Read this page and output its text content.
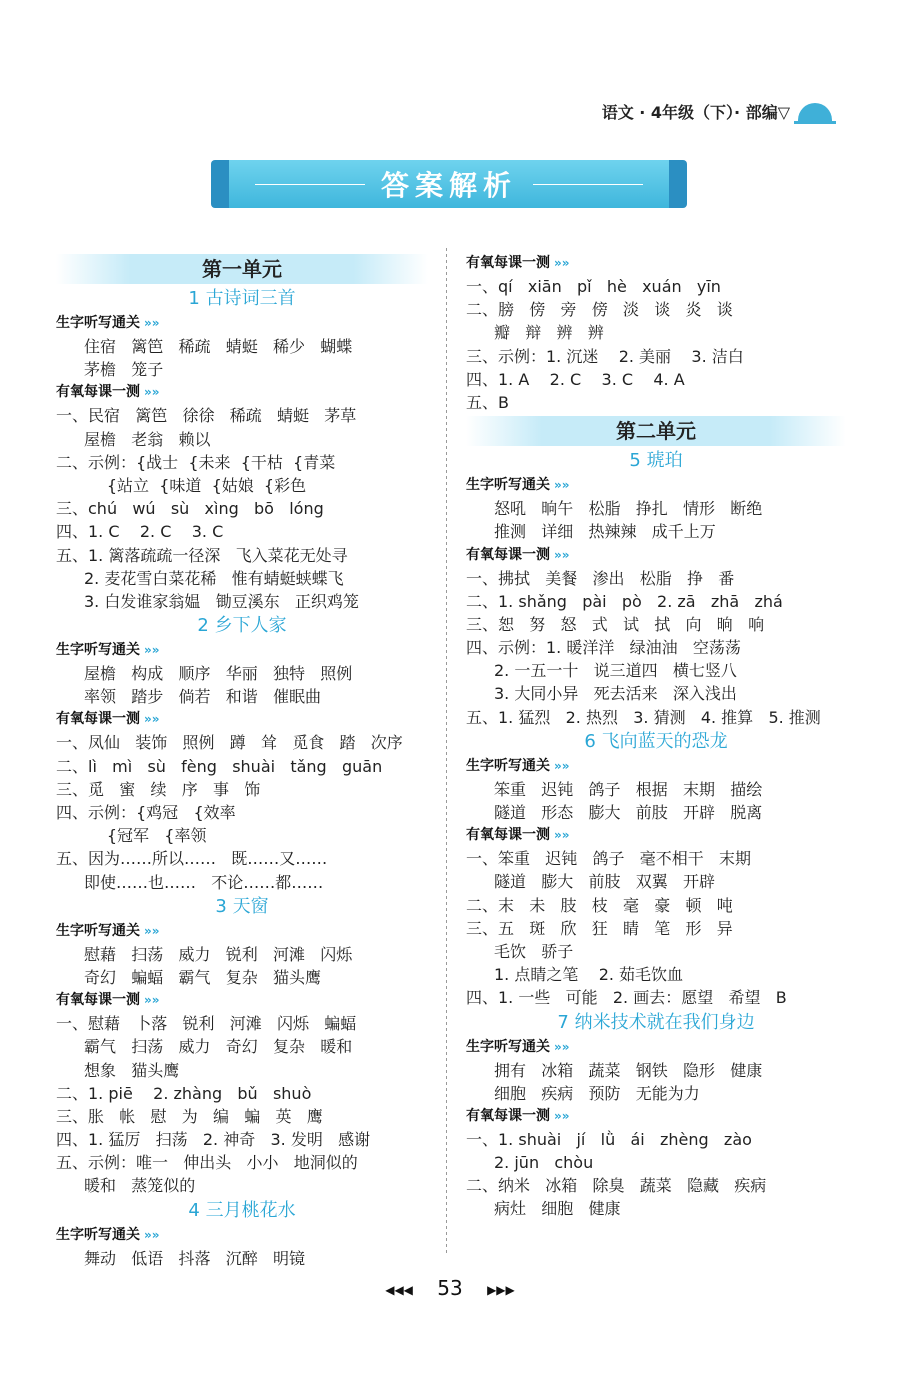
语文 · 4年级（下）· 部编▽
答案解析
第一单元
1 古诗词三首
生字听写通关 »»
住宿   篱笆   稀疏   蜻蜓   稀少   蝴蝶
茅檐   笼子
有氧每课一测 »»
一、民宿   篱笆   徐徐   稀疏   蜻蜓   茅草
屋檐   老翁   赖以
二、示例：{战士  {未来  {干枯  {青菜
{站立  {味道  {姑娘  {彩色
三、chú   wú   sù   xìng   bō   lóng
四、1. C    2. C    3. C
五、1. 篱落疏疏一径深   飞入菜花无处寻
2. 麦花雪白菜花稀   惟有蜻蜓蛱蝶飞
3. 白发谁家翁媪   锄豆溪东   正织鸡笼
2 乡下人家
生字听写通关 »»
屋檐   构成   顺序   华丽   独特   照例
率领   踏步   倘若   和谐   催眠曲
有氧每课一测 »»
一、凤仙   装饰   照例   蹲   耸   觅食   踏   次序
二、lì   mì   sù   fèng   shuài   tǎng   guān
三、觅   蜜   续   序   事   饰
四、示例：{鸡冠   {效率
{冠军   {率领
五、因为……所以……   既……又……
即使……也……   不论……都……
3 天窗
生字听写通关 »»
慰藉   扫荡   威力   锐利   河滩   闪烁
奇幻   蝙蝠   霸气   复杂   猫头鹰
有氧每课一测 »»
一、慰藉   卜落   锐利   河滩   闪烁   蝙蝠
霸气   扫荡   威力   奇幻   复杂   暖和
想象   猫头鹰
二、1. piē    2. zhàng   bǔ   shuò
三、胀   帐   慰   为   编   蝙   英   鹰
四、1. 猛厉   扫荡   2. 神奇   3. 发明   感谢
五、示例：唯一   伸出头   小小   地洞似的
暖和   蒸笼似的
4 三月桃花水
生字听写通关 »»
舞动   低语   抖落   沉醉   明镜
有氧每课一测 »»
一、qí   xiān   pǐ   hè   xuán   yīn
二、膀   傍   旁   傍   淡   谈   炎   谈
瓣   辩   辨   辨
三、示例：1. 沉迷    2. 美丽    3. 洁白
四、1. A    2. C    3. C    4. A
五、B
第二单元
5 琥珀
生字听写通关 »»
怒吼   晌午   松脂   挣扎   情形   断绝
推测   详细   热辣辣   成千上万
有氧每课一测 »»
一、拂拭   美餐   渗出   松脂   挣   番
二、1. shǎng   pài   pò   2. zā   zhā   zhá
三、恕   努   怒   式   试   拭   向   晌   响
四、示例：1. 暖洋洋   绿油油   空荡荡
2. 一五一十   说三道四   横七竖八
3. 大同小异   死去活来   深入浅出
五、1. 猛烈   2. 热烈   3. 猜测   4. 推算   5. 推测
6 飞向蓝天的恐龙
生字听写通关 »»
笨重   迟钝   鸽子   根据   末期   描绘
隧道   形态   膨大   前肢   开辟   脱离
有氧每课一测 »»
一、笨重   迟钝   鸽子   毫不相干   末期
隧道   膨大   前肢   双翼   开辟
二、末   未   肢   枝   毫   豪   顿   吨
三、五   斑   欣   狂   睛   笔   形   异
毛饮   骄子
1. 点睛之笔    2. 茹毛饮血
四、1. 一些   可能   2. 画去：愿望   希望   B
7 纳米技术就在我们身边
生字听写通关 »»
拥有   冰箱   蔬菜   钢铁   隐形   健康
细胞   疾病   预防   无能为力
有氧每课一测 »»
一、1. shuài   jí   lǜ   ái   zhèng   zào
2. jūn   chòu
二、纳米   冰箱   除臭   蔬菜   隐藏   疾病
病灶   细胞   健康
◀◀◀ 53 ▶▶▶
